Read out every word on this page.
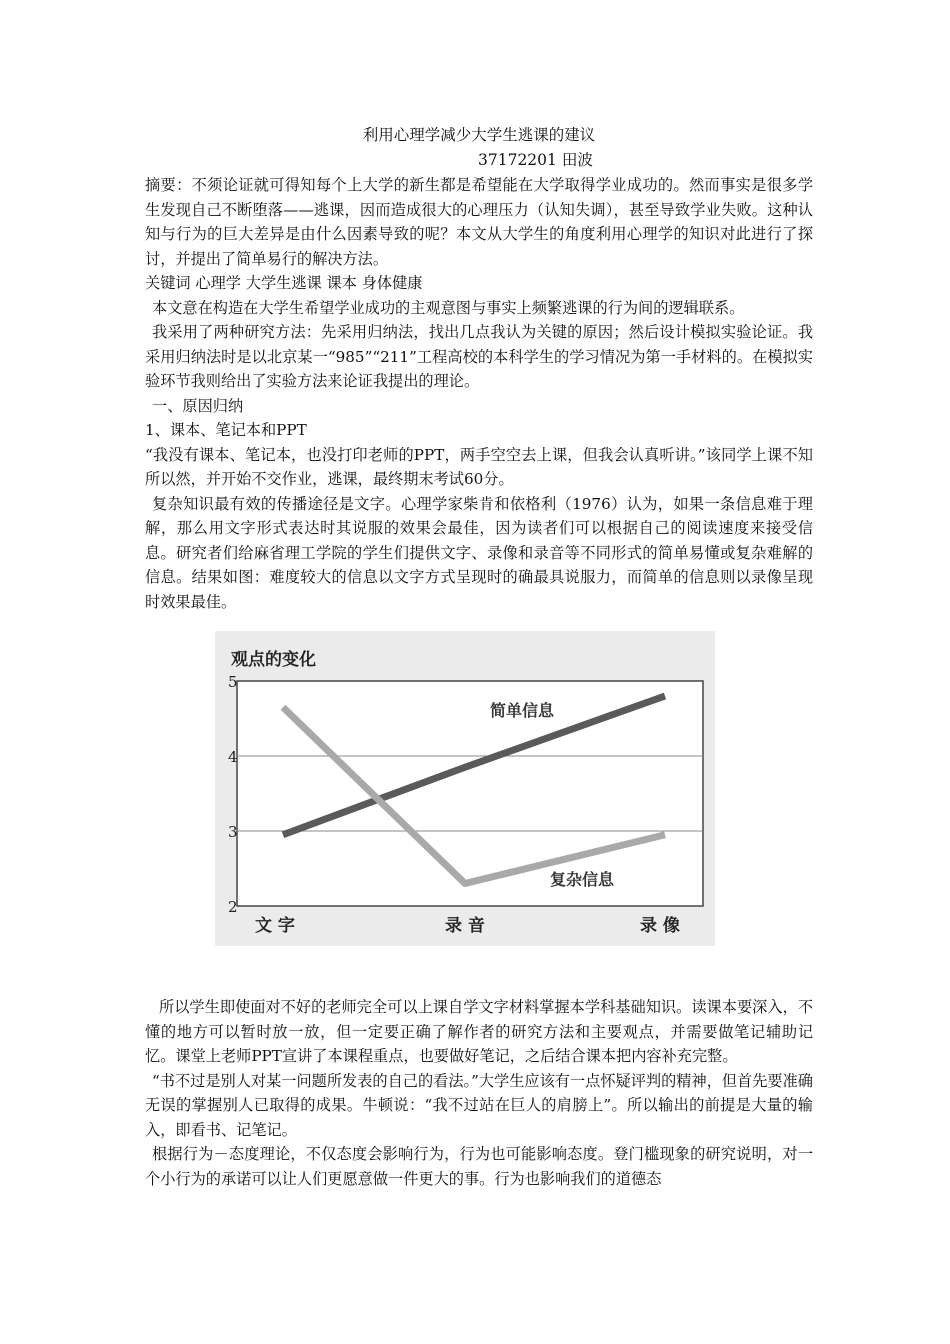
利用心理学减少大学生逃课的建议
37172201 田波

摘要：不须论证就可得知每个上大学的新生都是希望能在大学取得学业成功的。然而事实是很多学生发现自己不断堕落——逃课，因而造成很大的心理压力（认知失调），甚至导致学业失败。这种认知与行为的巨大差异是由什么因素导致的呢？本文从大学生的角度利用心理学的知识对此进行了探讨，并提出了简单易行的解决方法。

关键词 心理学 大学生逃课 课本 身体健康

本文意在构造在大学生希望学业成功的主观意图与事实上频繁逃课的行为间的逻辑联系。

我采用了两种研究方法：先采用归纳法，找出几点我认为关键的原因；然后设计模拟实验论证。我采用归纳法时是以北京某一“985”“211”工程高校的本科学生的学习情况为第一手材料的。在模拟实验环节我则给出了实验方法来论证我提出的理论。

一、原因归纳

1、课本、笔记本和PPT

“我没有课本、笔记本，也没打印老师的PPT，两手空空去上课，但我会认真听讲。”该同学上课不知所以然，并开始不交作业，逃课，最终期末考试60分。

复杂知识最有效的传播途径是文字。心理学家柴肯和依格利（1976）认为，如果一条信息难于理解，那么用文字形式表达时其说服的效果会最佳，因为读者们可以根据自己的阅读速度来接受信息。研究者们给麻省理工学院的学生们提供文字、录像和录音等不同形式的简单易懂或复杂难解的信息。结果如图：难度较大的信息以文字方式呈现时的确最具说服力，而简单的信息则以录像呈现时效果最佳。

观点的变化
5
4
3
2
简单信息
复杂信息
文 字	录 音	录 像

所以学生即使面对不好的老师完全可以上课自学文字材料掌握本学科基础知识。读课本要深入，不懂的地方可以暂时放一放，但一定要正确了解作者的研究方法和主要观点，并需要做笔记辅助记忆。课堂上老师PPT宣讲了本课程重点，也要做好笔记，之后结合课本把内容补充完整。

“书不过是别人对某一问题所发表的自己的看法。”大学生应该有一点怀疑评判的精神，但首先要准确无误的掌握别人已取得的成果。牛顿说：“我不过站在巨人的肩膀上”。所以输出的前提是大量的输入，即看书、记笔记。

根据行为－态度理论，不仅态度会影响行为，行为也可能影响态度。登门槛现象的研究说明，对一个小行为的承诺可以让人们更愿意做一件更大的事。行为也影响我们的道德态
